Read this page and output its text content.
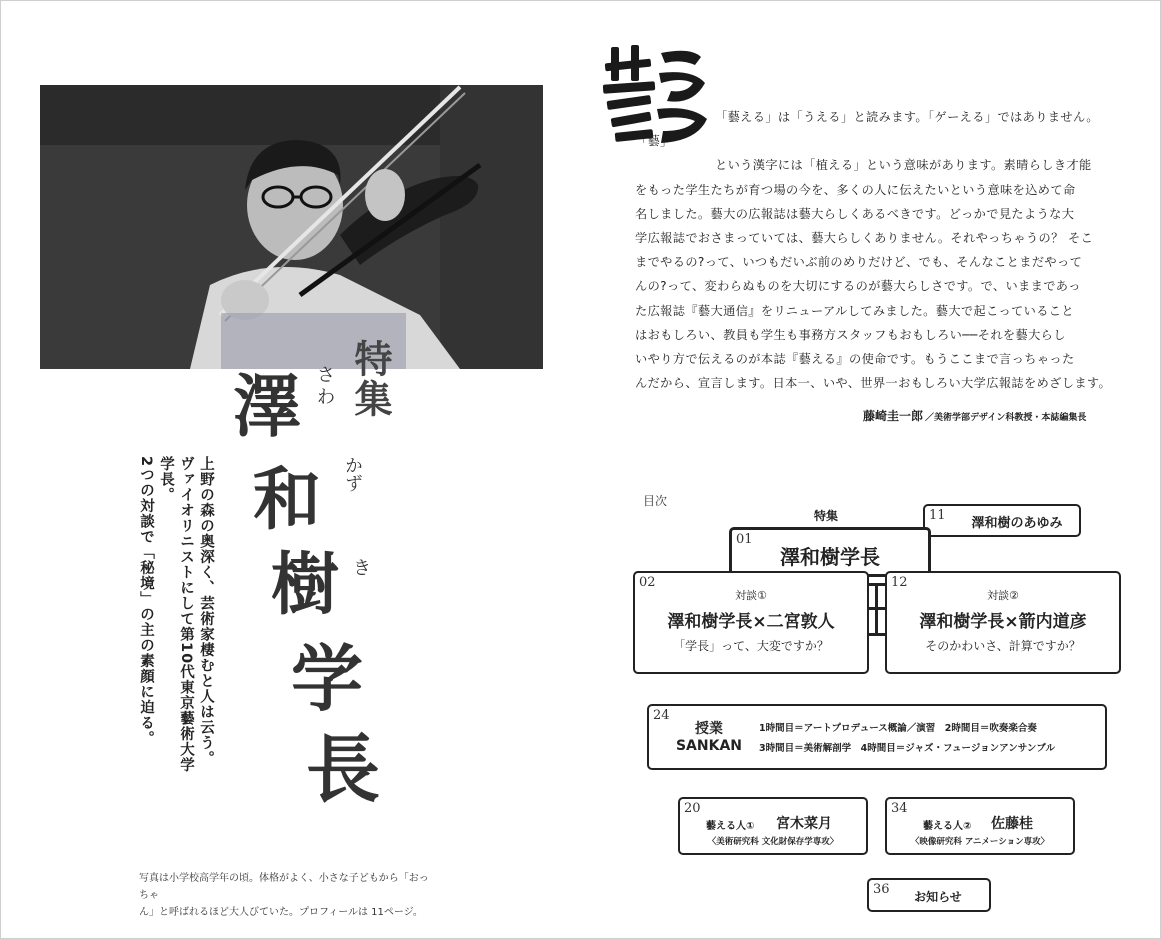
特集
澤
和
樹
学
長
さ
わ
かず
き
上野の森の奥深く、芸術家棲むと人は云う。
ヴァイオリニストにして第10代東京藝術大学学長。
2つの対談で「秘境」の主の素顔に迫る。
写真は小学校高学年の頃。体格がよく、小さな子どもから「おっちゃ
ん」と呼ばれるほど大人びていた。プロフィールは 11ページ。

「藝える」は「うえる」と読みます。「ゲーえる」ではありません。「藝」

という漢字には「植える」という意味があります。素晴らしき才能

をもった学生たちが育つ場の今を、多くの人に伝えたいという意味を込めて命

名しました。藝大の広報誌は藝大らしくあるべきです。どっかで見たような大

学広報誌でおさまっていては、藝大らしくありません。それやっちゃうの？ そこ

までやるの?って、いつもだいぶ前のめりだけど、でも、そんなことまだやって

んの?って、変わらぬものを大切にするのが藝大らしさです。で、いままであっ

た広報誌『藝大通信』をリニューアルしてみました。藝大で起こっていること

はおもしろい、教員も学生も事務方スタッフもおもしろい──それを藝大らし

いやり方で伝えるのが本誌『藝える』の使命です。もうここまで言っちゃった

んだから、宣言します。日本一、いや、世界一おもしろい大学広報誌をめざします。

藤崎圭一郎 ／美術学部デザイン科教授・本誌編集長
目次
特集	11
澤和樹のあゆみ
01
澤和樹学長
02
対談①
澤和樹学長×二宮敦人
「学長」って、大変ですか？
12
対談②
澤和樹学長×箭内道彦
そのかわいさ、計算ですか？
24
授業
SANKAN
1時間目＝アートプロデュース概論／演習　2時間目＝吹奏楽合奏
3時間目＝美術解剖学　4時間目＝ジャズ・フュージョンアンサンブル
20
藝える人① 宮木菜月
〈美術研究科 文化財保存学専攻〉
34
藝える人② 佐藤桂
〈映像研究科 アニメーション専攻〉
36	お知らせ
